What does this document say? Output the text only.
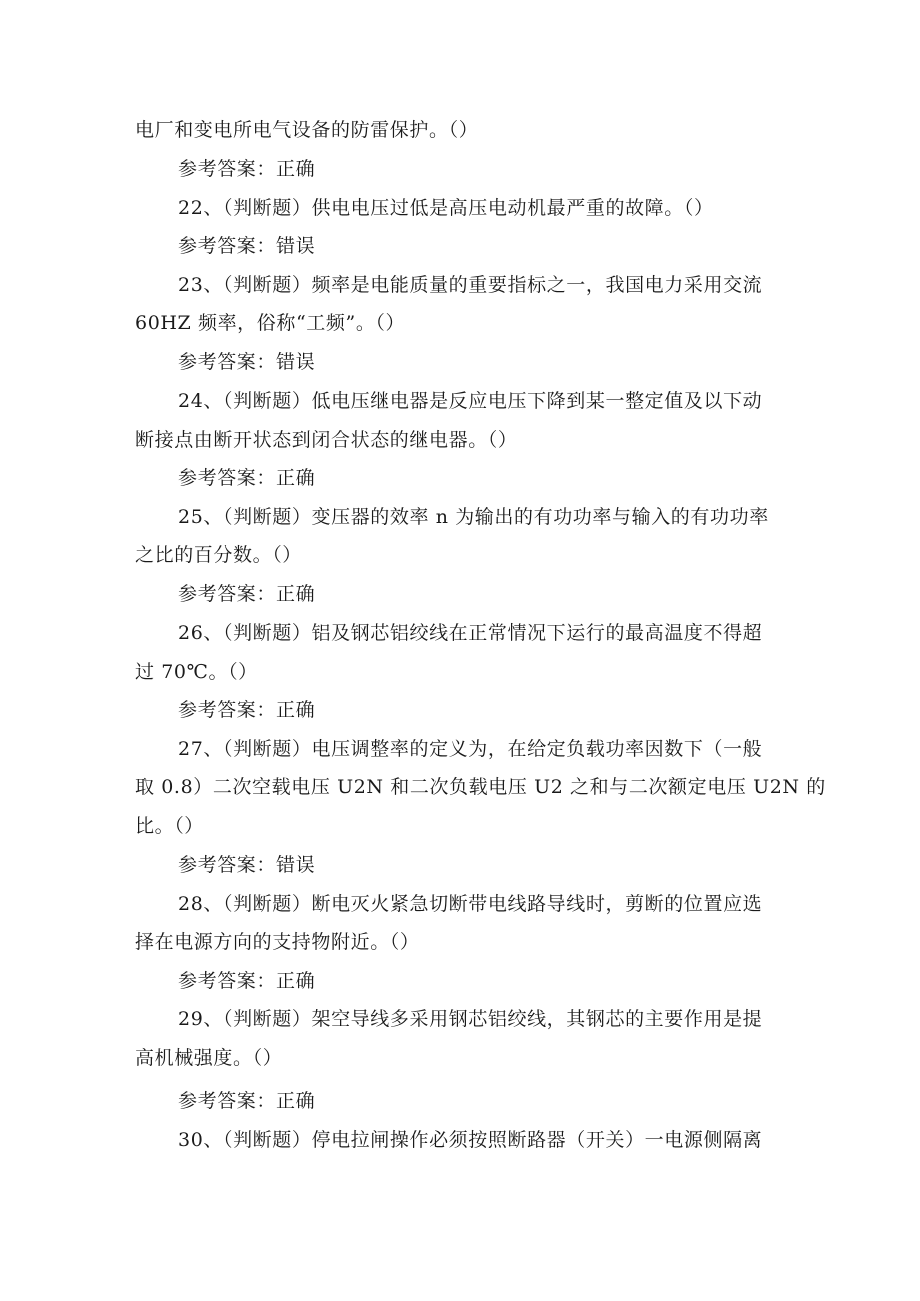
电厂和变电所电气设备的防雷保护。（）
参考答案：正确
22、（判断题）供电电压过低是高压电动机最严重的故障。（）
参考答案：错误
23、（判断题）频率是电能质量的重要指标之一，我国电力采用交流
60HZ 频率，俗称“工频”。（）
参考答案：错误
24、（判断题）低电压继电器是反应电压下降到某一整定值及以下动
断接点由断开状态到闭合状态的继电器。（）
参考答案：正确
25、（判断题）变压器的效率 n 为输出的有功功率与输入的有功功率
之比的百分数。（）
参考答案：正确
26、（判断题）铝及钢芯铝绞线在正常情况下运行的最高温度不得超
过 70℃。（）
参考答案：正确
27、（判断题）电压调整率的定义为，在给定负载功率因数下（一般
取 0.8）二次空载电压 U2N 和二次负载电压 U2 之和与二次额定电压 U2N 的
比。（）
参考答案：错误
28、（判断题）断电灭火紧急切断带电线路导线时，剪断的位置应选
择在电源方向的支持物附近。（）
参考答案：正确
29、（判断题）架空导线多采用钢芯铝绞线，其钢芯的主要作用是提
高机械强度。（）
参考答案：正确
30、（判断题）停电拉闸操作必须按照断路器（开关）一电源侧隔离
